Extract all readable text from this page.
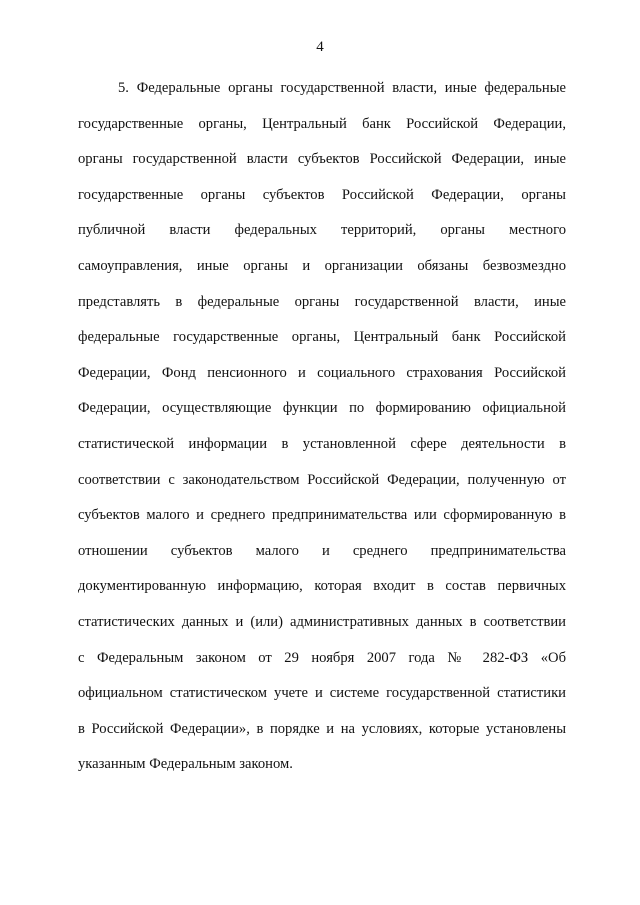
4

5. Федеральные органы государственной власти, иные федеральные
государственные органы, Центральный банк Российской Федерации,
органы государственной власти субъектов Российской Федерации, иные
государственные органы субъектов Российской Федерации, органы
публичной власти федеральных территорий, органы местного
самоуправления, иные органы и организации обязаны безвозмездно
представлять в федеральные органы государственной власти, иные
федеральные государственные органы, Центральный банк Российской
Федерации, Фонд пенсионного и социального страхования Российской
Федерации, осуществляющие функции по формированию официальной
статистической информации в установленной сфере деятельности в
соответствии с законодательством Российской Федерации, полученную от
субъектов малого и среднего предпринимательства или сформированную в
отношении субъектов малого и среднего предпринимательства
документированную информацию, которая входит в состав первичных
статистических данных и (или) административных данных в соответствии
с Федеральным законом от 29 ноября 2007 года № 282-ФЗ «Об
официальном статистическом учете и системе государственной статистики
в Российской Федерации», в порядке и на условиях, которые установлены
указанным Федеральным законом.
